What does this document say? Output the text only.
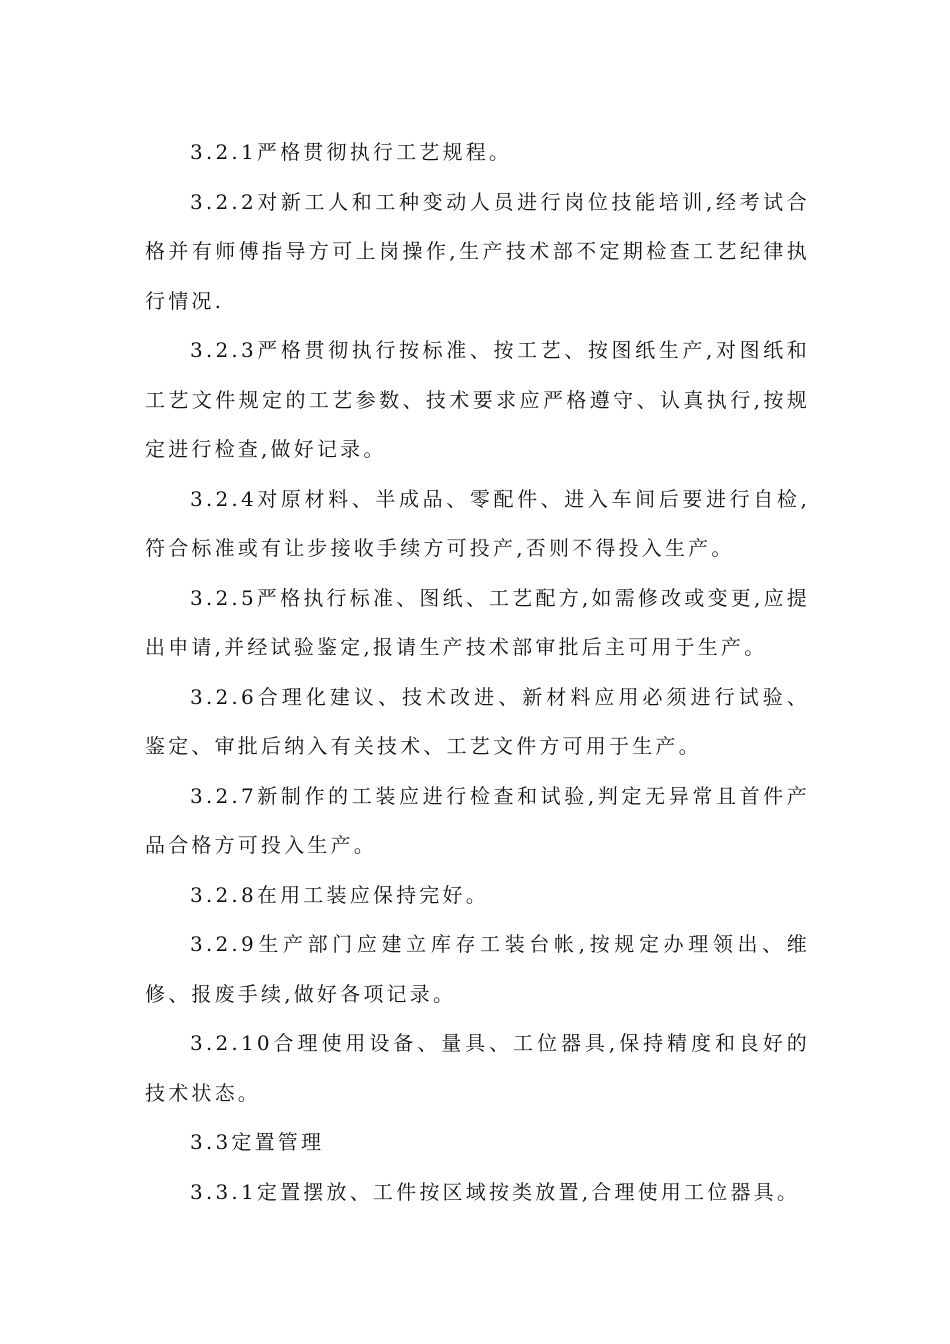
3.2.1严格贯彻执行工艺规程。

3.2.2对新工人和工种变动人员进行岗位技能培训,经考试合格并有师傅指导方可上岗操作,生产技术部不定期检查工艺纪律执行情况.

3.2.3严格贯彻执行按标准、按工艺、按图纸生产,对图纸和工艺文件规定的工艺参数、技术要求应严格遵守、认真执行,按规定进行检查,做好记录。

3.2.4对原材料、半成品、零配件、进入车间后要进行自检,符合标准或有让步接收手续方可投产,否则不得投入生产。

3.2.5严格执行标准、图纸、工艺配方,如需修改或变更,应提出申请,并经试验鉴定,报请生产技术部审批后主可用于生产。

3.2.6合理化建议、技术改进、新材料应用必须进行试验、鉴定、审批后纳入有关技术、工艺文件方可用于生产。

3.2.7新制作的工装应进行检查和试验,判定无异常且首件产品合格方可投入生产。

3.2.8在用工装应保持完好。

3.2.9生产部门应建立库存工装台帐,按规定办理领出、维修、报废手续,做好各项记录。

3.2.10合理使用设备、量具、工位器具,保持精度和良好的技术状态。

3.3定置管理

3.3.1定置摆放、工件按区域按类放置,合理使用工位器具。
